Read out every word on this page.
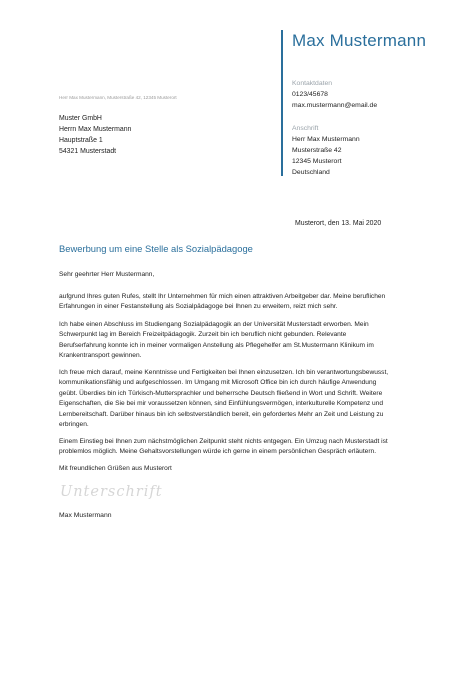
Max Mustermann
Kontaktdaten
0123/45678
max.mustermann@email.de
Anschrift
Herr Max Mustermann
Musterstraße 42
12345 Musterort
Deutschland
Herr Max Mustermann, Musterstraße 42, 12345 Musterort
Muster GmbH
Herrn Max Mustermann
Hauptstraße 1
54321 Musterstadt
Musterort, den 13. Mai 2020
Bewerbung um eine Stelle als Sozialpädagoge
Sehr geehrter Herr Mustermann,
aufgrund Ihres guten Rufes, stellt Ihr Unternehmen für mich einen attraktiven Arbeitgeber dar. Meine beruflichen
Erfahrungen in einer Festanstellung als Sozialpädagoge bei Ihnen zu erweitern, reizt mich sehr.
Ich habe einen Abschluss im Studiengang Sozialpädagogik an der Universität Musterstadt erworben. Mein
Schwerpunkt lag im Bereich Freizeitpädagogik. Zurzeit bin ich beruflich nicht gebunden. Relevante
Berufserfahrung konnte ich in meiner vormaligen Anstellung als Pflegehelfer am St.Mustermann Klinikum im
Krankentransport gewinnen.
Ich freue mich darauf, meine Kenntnisse und Fertigkeiten bei Ihnen einzusetzen. Ich bin verantwortungsbewusst,
kommunikationsfähig und aufgeschlossen. Im Umgang mit Microsoft Office bin ich durch häufige Anwendung
geübt. Überdies bin ich Türkisch-Muttersprachler und beherrsche Deutsch fließend in Wort und Schrift. Weitere
Eigenschaften, die Sie bei mir voraussetzen können, sind Einfühlungsvermögen, interkulturelle Kompetenz und
Lernbereitschaft. Darüber hinaus bin ich selbstverständlich bereit, ein gefordertes Mehr an Zeit und Leistung zu
erbringen.
Einem Einstieg bei Ihnen zum nächstmöglichen Zeitpunkt steht nichts entgegen. Ein Umzug nach Musterstadt ist
problemlos möglich. Meine Gehaltsvorstellungen würde ich gerne in einem persönlichen Gespräch erläutern.
Mit freundlichen Grüßen aus Musterort
Unterschrift
Max Mustermann
